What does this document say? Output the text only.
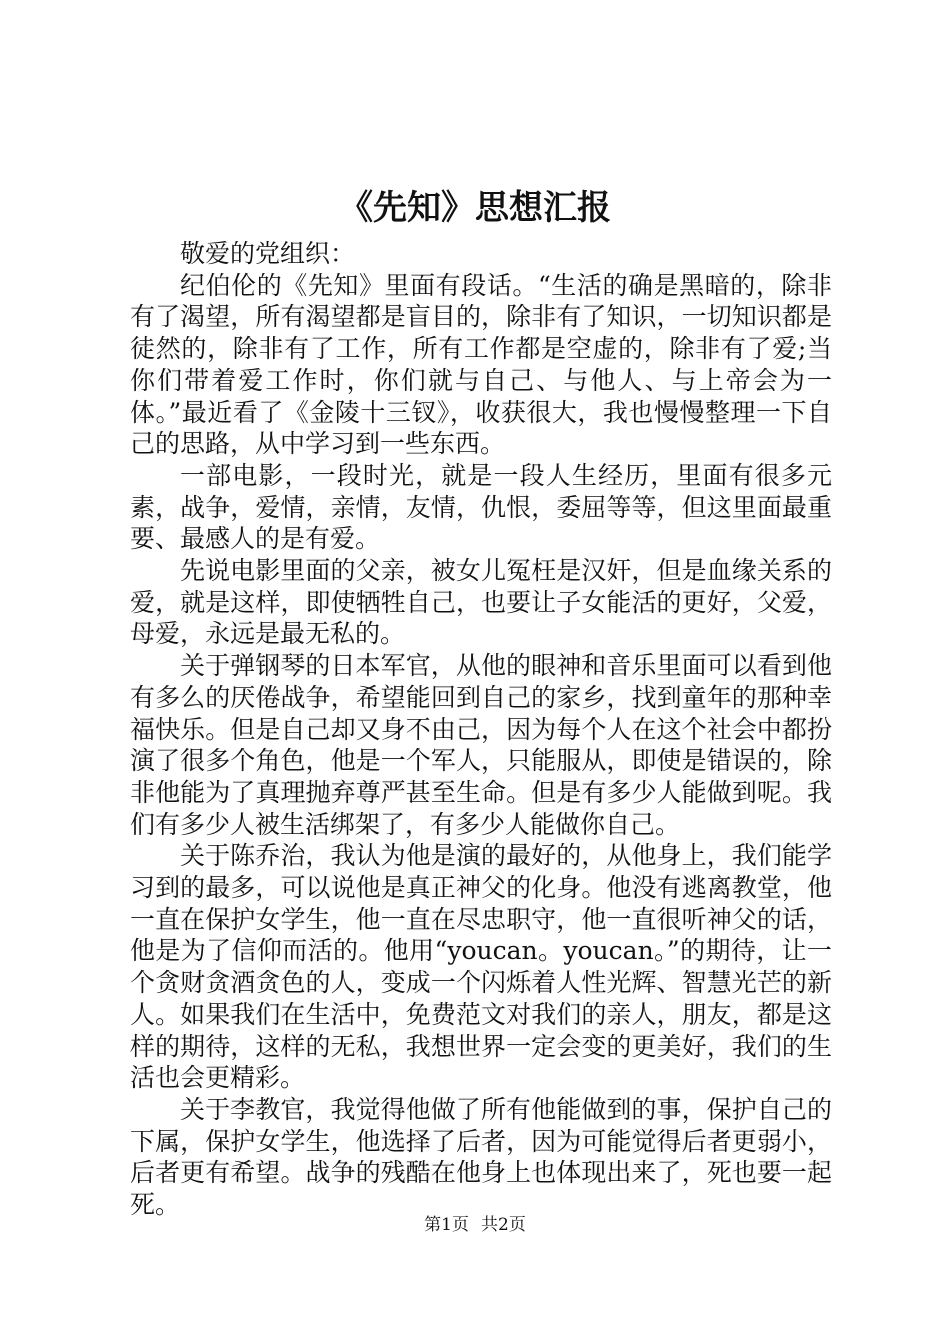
《先知》思想汇报

敬爱的党组织：

纪伯伦的《先知》里面有段话。“生活的确是黑暗的，除非有了渴望，所有渴望都是盲目的，除非有了知识，一切知识都是徒然的，除非有了工作，所有工作都是空虚的，除非有了爱;当你们带着爱工作时，你们就与自己、与他人、与上帝会为一体。”最近看了《金陵十三钗》，收获很大，我也慢慢整理一下自己的思路，从中学习到一些东西。

一部电影，一段时光，就是一段人生经历，里面有很多元素，战争，爱情，亲情，友情，仇恨，委屈等等，但这里面最重要、最感人的是有爱。

先说电影里面的父亲，被女儿冤枉是汉奸，但是血缘关系的爱，就是这样，即使牺牲自己，也要让子女能活的更好，父爱，母爱，永远是最无私的。

关于弹钢琴的日本军官，从他的眼神和音乐里面可以看到他有多么的厌倦战争，希望能回到自己的家乡，找到童年的那种幸福快乐。但是自己却又身不由己，因为每个人在这个社会中都扮演了很多个角色，他是一个军人，只能服从，即使是错误的，除非他能为了真理抛弃尊严甚至生命。但是有多少人能做到呢。我们有多少人被生活绑架了，有多少人能做你自己。

关于陈乔治，我认为他是演的最好的，从他身上，我们能学习到的最多，可以说他是真正神父的化身。他没有逃离教堂，他一直在保护女学生，他一直在尽忠职守，他一直很听神父的话，他是为了信仰而活的。他用“youcan。youcan。”的期待，让一个贪财贪酒贪色的人，变成一个闪烁着人性光辉、智慧光芒的新人。如果我们在生活中，免费范文对我们的亲人，朋友，都是这样的期待，这样的无私，我想世界一定会变的更美好，我们的生活也会更精彩。

关于李教官，我觉得他做了所有他能做到的事，保护自己的下属，保护女学生，他选择了后者，因为可能觉得后者更弱小，后者更有希望。战争的残酷在他身上也体现出来了，死也要一起死。

第1页 共2页
